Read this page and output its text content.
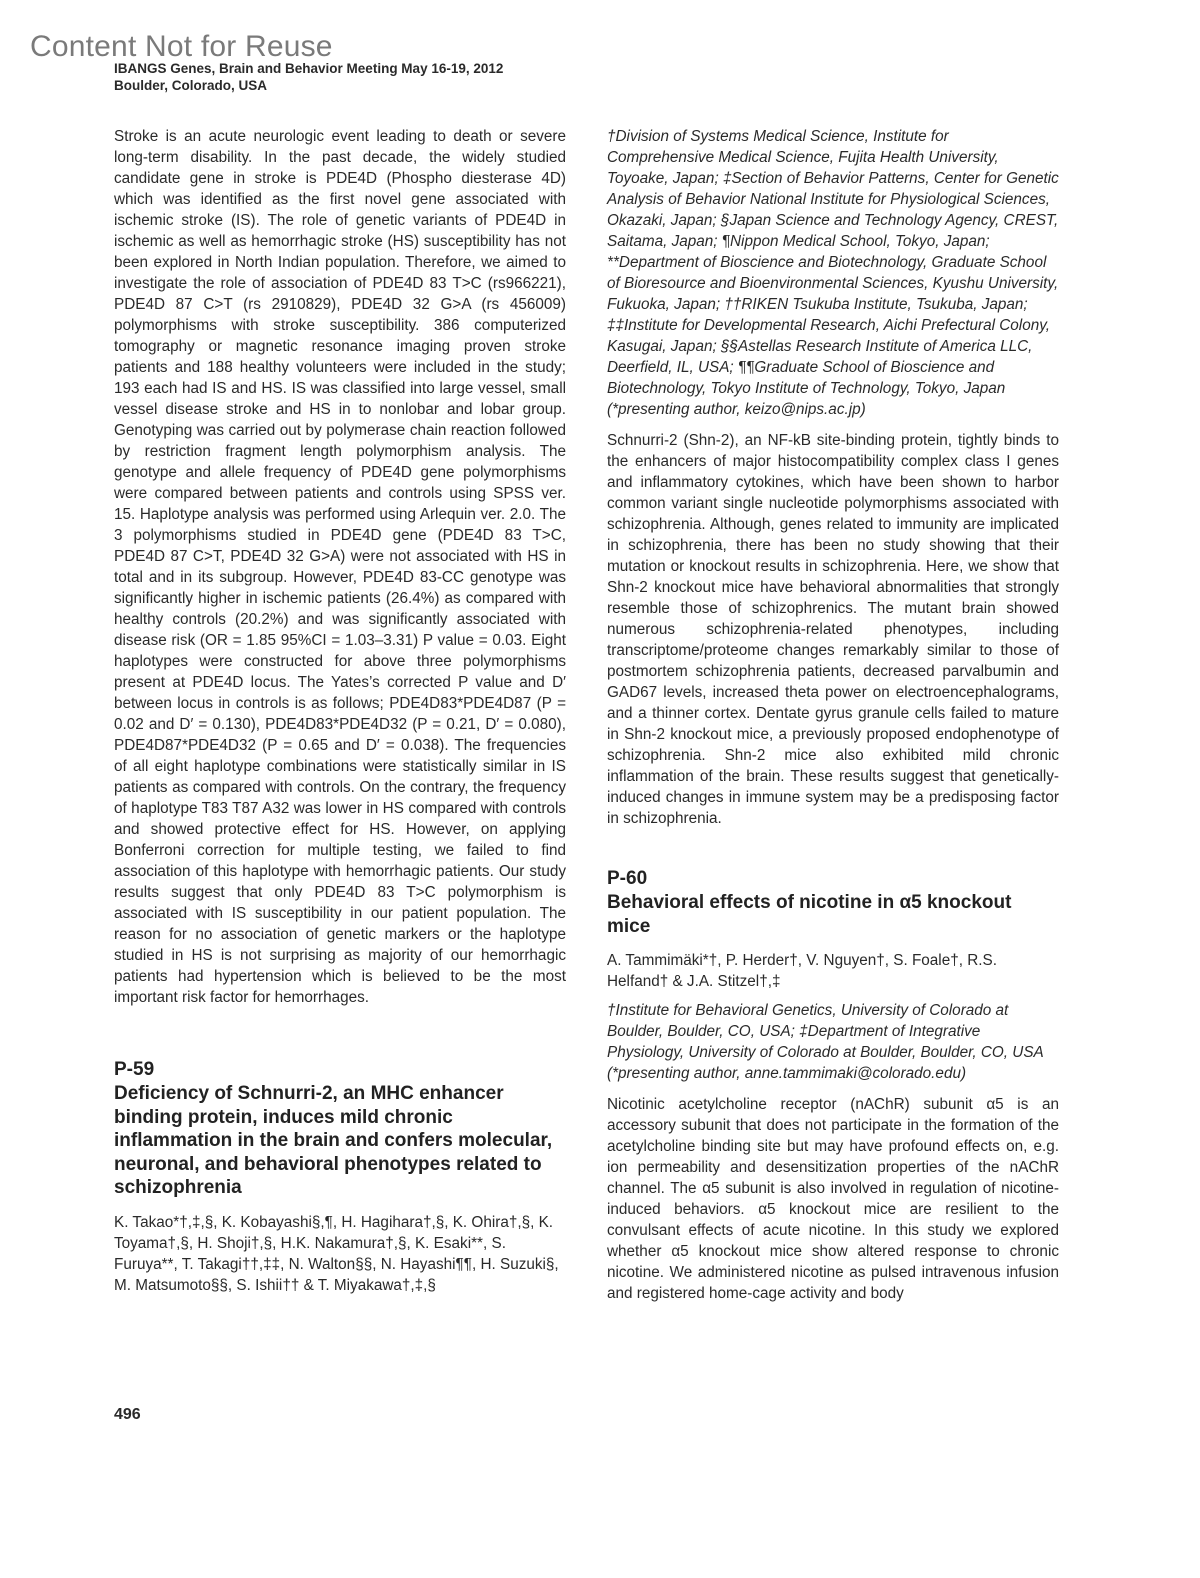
Content Not for Reuse
IBANGS Genes, Brain and Behavior Meeting May 16-19, 2012
Boulder, Colorado, USA

Stroke is an acute neurologic event leading to death or severe long-term disability. In the past decade, the widely studied candidate gene in stroke is PDE4D (Phospho diesterase 4D) which was identified as the first novel gene associated with ischemic stroke (IS). The role of genetic variants of PDE4D in ischemic as well as hemorrhagic stroke (HS) susceptibility has not been explored in North Indian population. Therefore, we aimed to investigate the role of association of PDE4D 83 T>C (rs966221), PDE4D 87 C>T (rs 2910829), PDE4D 32 G>A (rs 456009) polymorphisms with stroke susceptibility. 386 computerized tomography or magnetic resonance imaging proven stroke patients and 188 healthy volunteers were included in the study; 193 each had IS and HS. IS was classified into large vessel, small vessel disease stroke and HS in to nonlobar and lobar group. Genotyping was carried out by polymerase chain reaction followed by restriction fragment length polymorphism analysis. The genotype and allele frequency of PDE4D gene polymorphisms were compared between patients and controls using SPSS ver. 15. Haplotype analysis was performed using Arlequin ver. 2.0. The 3 polymorphisms studied in PDE4D gene (PDE4D 83 T>C, PDE4D 87 C>T, PDE4D 32 G>A) were not associated with HS in total and in its subgroup. However, PDE4D 83-CC genotype was significantly higher in ischemic patients (26.4%) as compared with healthy controls (20.2%) and was significantly associated with disease risk (OR = 1.85 95%CI = 1.03–3.31) P value = 0.03. Eight haplotypes were constructed for above three polymorphisms present at PDE4D locus. The Yates’s corrected P value and D′ between locus in controls is as follows; PDE4D83*PDE4D87 (P = 0.02 and D′ = 0.130), PDE4D83*PDE4D32 (P = 0.21, D′ = 0.080), PDE4D87*PDE4D32 (P = 0.65 and D′ = 0.038). The frequencies of all eight haplotype combinations were statistically similar in IS patients as compared with controls. On the contrary, the frequency of haplotype T83 T87 A32 was lower in HS compared with controls and showed protective effect for HS. However, on applying Bonferroni correction for multiple testing, we failed to find association of this haplotype with hemorrhagic patients. Our study results suggest that only PDE4D 83 T>C polymorphism is associated with IS susceptibility in our patient population. The reason for no association of genetic markers or the haplotype studied in HS is not surprising as majority of our hemorrhagic patients had hypertension which is believed to be the most important risk factor for hemorrhages.

P-59

Deficiency of Schnurri-2, an MHC enhancer binding protein, induces mild chronic inflammation in the brain and confers molecular, neuronal, and behavioral phenotypes related to schizophrenia

K. Takao*†,‡,§, K. Kobayashi§,¶, H. Hagihara†,§, K. Ohira†,§, K. Toyama†,§, H. Shoji†,§, H.K. Nakamura†,§, K. Esaki**, S. Furuya**, T. Takagi††,‡‡, N. Walton§§, N. Hayashi¶¶, H. Suzuki§, M. Matsumoto§§, S. Ishii†† & T. Miyakawa†,‡,§

†Division of Systems Medical Science, Institute for Comprehensive Medical Science, Fujita Health University, Toyoake, Japan; ‡Section of Behavior Patterns, Center for Genetic Analysis of Behavior National Institute for Physiological Sciences, Okazaki, Japan; §Japan Science and Technology Agency, CREST, Saitama, Japan; ¶Nippon Medical School, Tokyo, Japan; **Department of Bioscience and Biotechnology, Graduate School of Bioresource and Bioenvironmental Sciences, Kyushu University, Fukuoka, Japan; ††RIKEN Tsukuba Institute, Tsukuba, Japan; ‡‡Institute for Developmental Research, Aichi Prefectural Colony, Kasugai, Japan; §§Astellas Research Institute of America LLC, Deerfield, IL, USA; ¶¶Graduate School of Bioscience and Biotechnology, Tokyo Institute of Technology, Tokyo, Japan

(*presenting author, keizo@nips.ac.jp)

Schnurri-2 (Shn-2), an NF-kB site-binding protein, tightly binds to the enhancers of major histocompatibility complex class I genes and inflammatory cytokines, which have been shown to harbor common variant single nucleotide polymorphisms associated with schizophrenia. Although, genes related to immunity are implicated in schizophrenia, there has been no study showing that their mutation or knockout results in schizophrenia. Here, we show that Shn-2 knockout mice have behavioral abnormalities that strongly resemble those of schizophrenics. The mutant brain showed numerous schizophrenia-related phenotypes, including transcriptome/proteome changes remarkably similar to those of postmortem schizophrenia patients, decreased parvalbumin and GAD67 levels, increased theta power on electroencephalograms, and a thinner cortex. Dentate gyrus granule cells failed to mature in Shn-2 knockout mice, a previously proposed endophenotype of schizophrenia. Shn-2 mice also exhibited mild chronic inflammation of the brain. These results suggest that genetically-induced changes in immune system may be a predisposing factor in schizophrenia.

P-60

Behavioral effects of nicotine in α5 knockout mice

A. Tammimäki*†, P. Herder†, V. Nguyen†, S. Foale†, R.S. Helfand† & J.A. Stitzel†,‡

†Institute for Behavioral Genetics, University of Colorado at Boulder, Boulder, CO, USA; ‡Department of Integrative Physiology, University of Colorado at Boulder, Boulder, CO, USA

(*presenting author, anne.tammimaki@colorado.edu)

Nicotinic acetylcholine receptor (nAChR) subunit α5 is an accessory subunit that does not participate in the formation of the acetylcholine binding site but may have profound effects on, e.g. ion permeability and desensitization properties of the nAChR channel. The α5 subunit is also involved in regulation of nicotine-induced behaviors. α5 knockout mice are resilient to the convulsant effects of acute nicotine. In this study we explored whether α5 knockout mice show altered response to chronic nicotine. We administered nicotine as pulsed intravenous infusion and registered home-cage activity and body

496
